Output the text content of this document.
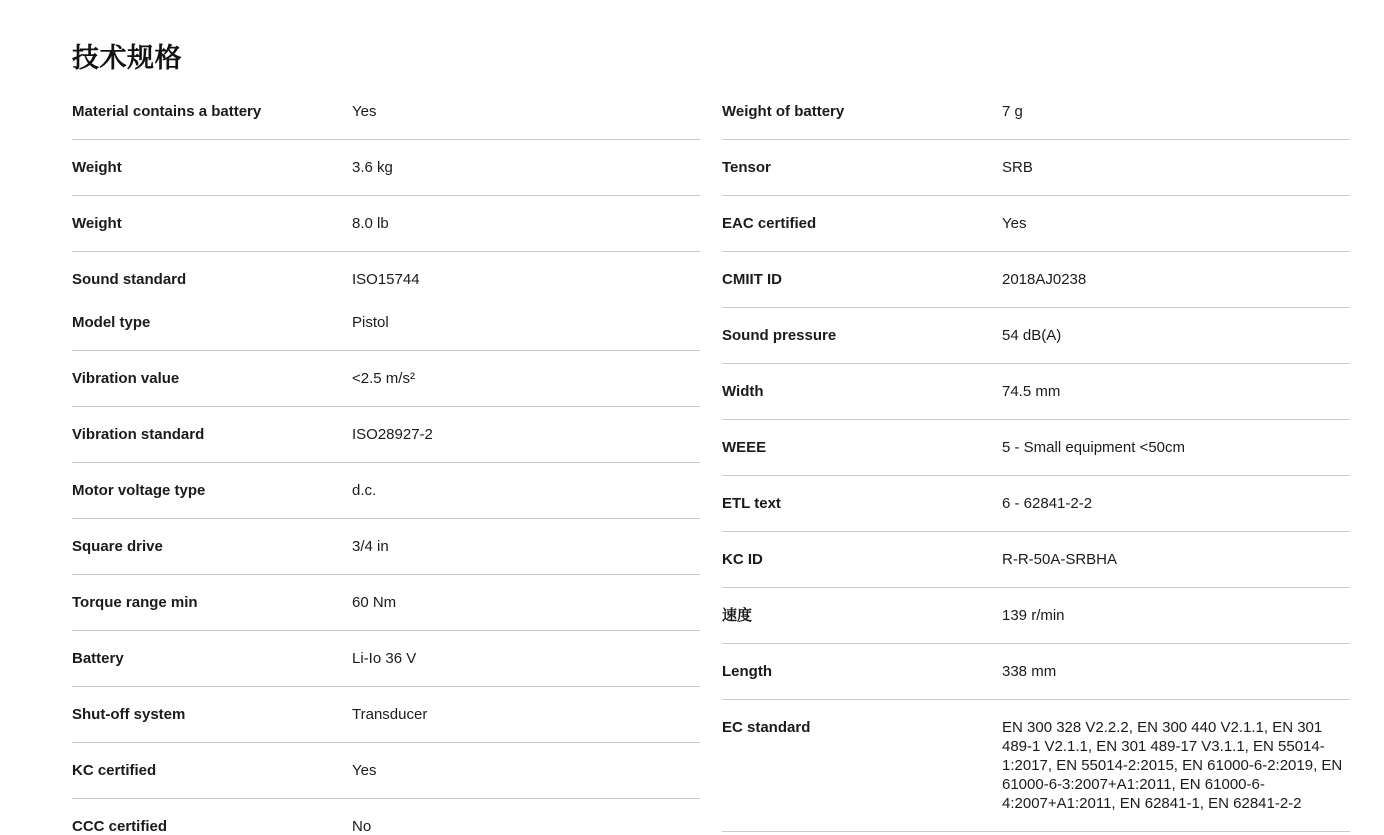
技术规格
Material contains a battery	Yes
Weight	3.6 kg
Weight	8.0 lb
Sound standard	ISO15744
Model type	Pistol
Vibration value	<2.5 m/s²
Vibration standard	ISO28927-2
Motor voltage type	d.c.
Square drive	3/4 in
Torque range min	60 Nm
Battery	Li-Io 36 V
Shut-off system	Transducer
KC certified	Yes
CCC certified	No
Weight of battery	7 g
Tensor	SRB
EAC certified	Yes
CMIIT ID	2018AJ0238
Sound pressure	54 dB(A)
Width	74.5 mm
WEEE	5 - Small equipment <50cm
ETL text	6 - 62841-2-2
KC ID	R-R-50A-SRBHA
速度	139 r/min
Length	338 mm
EC standard	EN 300 328 V2.2.2, EN 300 440 V2.1.1, EN 301 489-1 V2.1.1, EN 301 489-17 V3.1.1, EN 55014-1:2017, EN 55014-2:2015, EN 61000-6-2:2019, EN 61000-6-3:2007+A1:2011, EN 61000-6-4:2007+A1:2011, EN 62841-1, EN 62841-2-2
